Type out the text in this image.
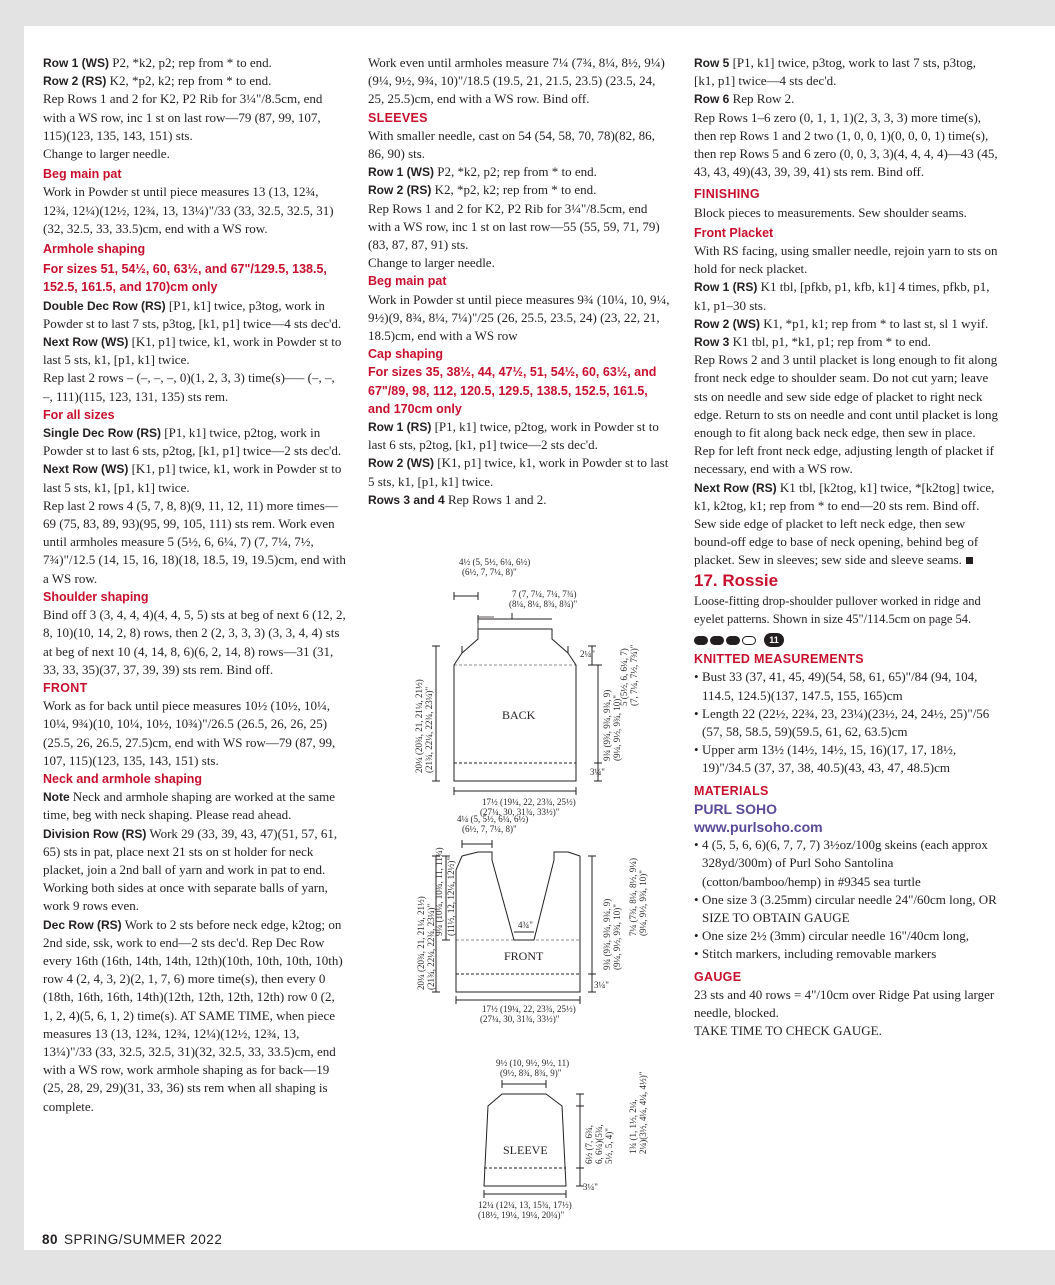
Row 1 (WS) P2, *k2, p2; rep from * to end.

Row 2 (RS) K2, *p2, k2; rep from * to end.

Rep Rows 1 and 2 for K2, P2 Rib for 3¼"/8.5cm, end with a WS row, inc 1 st on last row—79 (87, 99, 107, 115)(123, 135, 143, 151) sts.

Change to larger needle.

Beg main pat

Work in Powder st until piece measures 13 (13, 12¾, 12¾, 12¼)(12½, 12¾, 13, 13¼)"/33 (33, 32.5, 32.5, 31)(32, 32.5, 33, 33.5)cm, end with a WS row.

Armhole shaping

For sizes 51, 54½, 60, 63½, and 67"/129.5, 138.5, 152.5, 161.5, and 170)cm only

Double Dec Row (RS) [P1, k1] twice, p3tog, work in Powder st to last 7 sts, p3tog, [k1, p1] twice—4 sts dec'd.

Next Row (WS) [K1, p1] twice, k1, work in Powder st to last 5 sts, k1, [p1, k1] twice.

Rep last 2 rows – (–, –, –, 0)(1, 2, 3, 3) time(s)—– (–, –, –, 111)(115, 123, 131, 135) sts rem.

For all sizes

Single Dec Row (RS) [P1, k1] twice, p2tog, work in Powder st to last 6 sts, p2tog, [k1, p1] twice—2 sts dec'd.

Next Row (WS) [K1, p1] twice, k1, work in Powder st to last 5 sts, k1, [p1, k1] twice.

Rep last 2 rows 4 (5, 7, 8, 8)(9, 11, 12, 11) more times—69 (75, 83, 89, 93)(95, 99, 105, 111) sts rem. Work even until armholes measure 5 (5½, 6, 6¼, 7) (7, 7¼, 7½, 7¾)"/12.5 (14, 15, 16, 18)(18, 18.5, 19, 19.5)cm, end with a WS row.

Shoulder shaping

Bind off 3 (3, 4, 4, 4)(4, 4, 5, 5) sts at beg of next 6 (12, 2, 8, 10)(10, 14, 2, 8) rows, then 2 (2, 3, 3, 3) (3, 3, 4, 4) sts at beg of next 10 (4, 14, 8, 6)(6, 2, 14, 8) rows—31 (31, 33, 33, 35)(37, 37, 39, 39) sts rem. Bind off.

FRONT

Work as for back until piece measures 10½ (10½, 10¼, 10¼, 9¾)(10, 10¼, 10½, 10¾)"/26.5 (26.5, 26, 26, 25)(25.5, 26, 26.5, 27.5)cm, end with WS row—79 (87, 99, 107, 115)(123, 135, 143, 151) sts.

Neck and armhole shaping

Note Neck and armhole shaping are worked at the same time, beg with neck shaping. Please read ahead.

Division Row (RS) Work 29 (33, 39, 43, 47)(51, 57, 61, 65) sts in pat, place next 21 sts on st holder for neck placket, join a 2nd ball of yarn and work in pat to end. Working both sides at once with separate balls of yarn, work 9 rows even.

Dec Row (RS) Work to 2 sts before neck edge, k2tog; on 2nd side, ssk, work to end—2 sts dec'd. Rep Dec Row every 16th (16th, 14th, 14th, 12th)(10th, 10th, 10th, 10th) row 4 (2, 4, 3, 2)(2, 1, 7, 6) more time(s), then every 0 (18th, 16th, 16th, 14th)(12th, 12th, 12th, 12th) row 0 (2, 1, 2, 4)(5, 6, 1, 2) time(s). AT SAME TIME, when piece measures 13 (13, 12¾, 12¾, 12¼)(12½, 12¾, 13, 13¼)"/33 (33, 32.5, 32.5, 31)(32, 32.5, 33, 33.5)cm, end with a WS row, work armhole shaping as for back—19 (25, 28, 29, 29)(31, 33, 36) sts rem when all shaping is complete.

Work even until armholes measure 7¼ (7¾, 8¼, 8½, 9¼)(9¼, 9½, 9¾, 10)"/18.5 (19.5, 21, 21.5, 23.5) (23.5, 24, 25, 25.5)cm, end with a WS row. Bind off.

SLEEVES

With smaller needle, cast on 54 (54, 58, 70, 78)(82, 86, 86, 90) sts.

Row 1 (WS) P2, *k2, p2; rep from * to end.

Row 2 (RS) K2, *p2, k2; rep from * to end.

Rep Rows 1 and 2 for K2, P2 Rib for 3¼"/8.5cm, end with a WS row, inc 1 st on last row—55 (55, 59, 71, 79)(83, 87, 87, 91) sts.

Change to larger needle.

Beg main pat

Work in Powder st until piece measures 9¾ (10¼, 10, 9¼, 9½)(9, 8¾, 8¼, 7¼)"/25 (26, 25.5, 23.5, 24) (23, 22, 21, 18.5)cm, end with a WS row

Cap shaping

For sizes 35, 38½, 44, 47½, 51, 54½, 60, 63½, and 67"/89, 98, 112, 120.5, 129.5, 138.5, 152.5, 161.5, and 170cm only

Row 1 (RS) [P1, k1] twice, p2tog, work in Powder st to last 6 sts, p2tog, [k1, p1] twice—2 sts dec'd.

Row 2 (WS) [K1, p1] twice, k1, work in Powder st to last 5 sts, k1, [p1, k1] twice.

Rows 3 and 4 Rep Rows 1 and 2.

4½ (5, 5½, 6¼, 6½)
(6½, 7, 7¼, 8)"
7 (7, 7¼, 7¼, 7¾)
(8¼, 8¼, 8¾, 8¾)"
2¼"
BACK
3¼"
5 (5½, 6, 6¼, 7) (7, 7¼, 7½, 7¾)"
9¾ (9¾, 9¾, 9¾, 9) (9¼, 9½, 9¾, 10)"
20¼ (20¾, 21, 21¼, 21½) (21¾, 22¼, 22¾, 23¼)"
17½ (19¼, 22, 23¾, 25½)
(27¼, 30, 31¾, 33½)"
4¼ (5, 5½, 6¼, 6½)
(6½, 7, 7¼, 8)"
4¾"
FRONT
3¼"
20¼ (20¾, 21, 21¼, 21½) (21¾, 22¼, 22¾, 23¼)"
9¼ (10¼, 10¾, 11, 11¾) (11½, 12, 12¼, 12½)"	9¾ (9¾, 9¾, 9¾, 9) (9¼, 9½, 9¾, 10)"
7¼ (7¾, 8¼, 8½, 9¼) (9¼, 9½, 9¾, 10)"
17½ (19¼, 22, 23¾, 25½)
(27¼, 30, 31¾, 33½)"
9½ (10, 9½, 9½, 11)
(9½, 8¾, 8¾, 9)"
SLEEVE
3¼"
6½ (7, 6¾, 6, 6¼)(5¾, 5½, 5, 4)" 1¾ (1, 1½, 2¼, 2¼)(3½, 4¼, 4¼, 4½)"
12¼ (12¼, 13, 15¾, 17½)
(18½, 19¼, 19¼, 20¼)"

Row 5 [P1, k1] twice, p3tog, work to last 7 sts, p3tog, [k1, p1] twice—4 sts dec'd.

Row 6 Rep Row 2.

Rep Rows 1–6 zero (0, 1, 1, 1)(2, 3, 3, 3) more time(s), then rep Rows 1 and 2 two (1, 0, 0, 1)(0, 0, 0, 1) time(s), then rep Rows 5 and 6 zero (0, 0, 3, 3)(4, 4, 4, 4)—43 (45, 43, 43, 49)(43, 39, 39, 41) sts rem. Bind off.

FINISHING

Block pieces to measurements. Sew shoulder seams.

Front Placket

With RS facing, using smaller needle, rejoin yarn to sts on hold for neck placket.

Row 1 (RS) K1 tbl, [pfkb, p1, kfb, k1] 4 times, pfkb, p1, k1, p1–30 sts.

Row 2 (WS) K1, *p1, k1; rep from * to last st, sl 1 wyif.

Row 3 K1 tbl, p1, *k1, p1; rep from * to end.

Rep Rows 2 and 3 until placket is long enough to fit along front neck edge to shoulder seam. Do not cut yarn; leave sts on needle and sew side edge of placket to right neck edge. Return to sts on needle and cont until placket is long enough to fit along back neck edge, then sew in place. Rep for left front neck edge, adjusting length of placket if necessary, end with a WS row.

Next Row (RS) K1 tbl, [k2tog, k1] twice, *[k2tog] twice, k1, k2tog, k1; rep from * to end—20 sts rem. Bind off. Sew side edge of placket to left neck edge, then sew bound-off edge to base of neck opening, behind beg of placket. Sew in sleeves; sew side and sleeve seams.

17. Rossie

Loose-fitting drop-shoulder pullover worked in ridge and eyelet patterns. Shown in size 45"/114.5cm on page 54.

11

KNITTED MEASUREMENTS

• Bust 33 (37, 41, 45, 49)(54, 58, 61, 65)"/84 (94, 104, 114.5, 124.5)(137, 147.5, 155, 165)cm
• Length 22 (22½, 22¾, 23, 23¼)(23½, 24, 24½, 25)"/56 (57, 58, 58.5, 59)(59.5, 61, 62, 63.5)cm
• Upper arm 13½ (14½, 14½, 15, 16)(17, 17, 18½, 19)"/34.5 (37, 37, 38, 40.5)(43, 43, 47, 48.5)cm

MATERIALS

PURL SOHO

www.purlsoho.com

• 4 (5, 5, 6, 6)(6, 7, 7, 7) 3½oz/100g skeins (each approx 328yd/300m) of Purl Soho Santolina (cotton/bamboo/hemp) in #9345 sea turtle
• One size 3 (3.25mm) circular needle 24"/60cm long, OR SIZE TO OBTAIN GAUGE
• One size 2½ (3mm) circular needle 16"/40cm long,
• Stitch markers, including removable markers

GAUGE

23 sts and 40 rows = 4"/10cm over Ridge Pat using larger needle, blocked.

TAKE TIME TO CHECK GAUGE.

80 SPRING/SUMMER 2022
